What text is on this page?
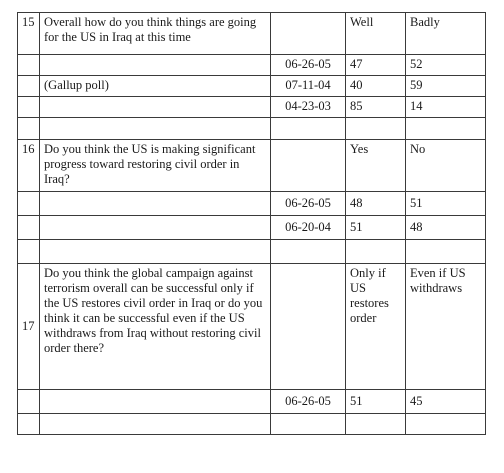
15	Overall how do you think things are going for the US in Iraq at this time		Well	Badly
		06-26-05	47	52
	(Gallup poll)	07-11-04	40	59
		04-23-03	85	14

16	Do you think the US is making significant progress toward restoring civil order in Iraq?		Yes	No
		06-26-05	48	51
		06-20-04	51	48

17	Do you think the global campaign against terrorism overall can be successful only if the US restores civil order in Iraq or do you think it can be successful even if the US withdraws from Iraq without restoring civil order there?		Only if US restores order	Even if US withdraws
		06-26-05	51	45
